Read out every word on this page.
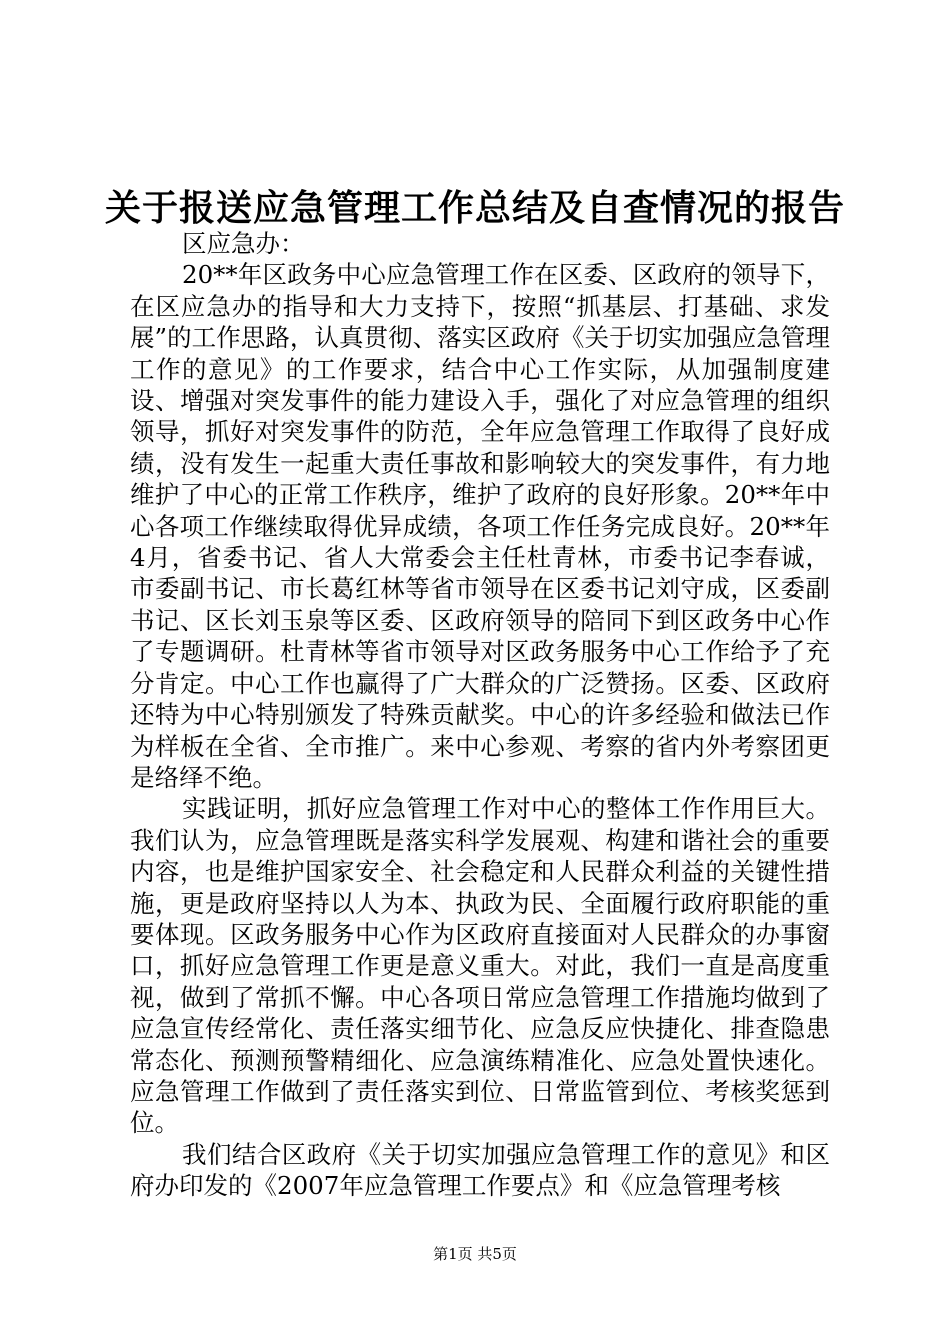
关于报送应急管理工作总结及自查情况的报告
区应急办：

20**年区政务中心应急管理工作在区委、区政府的领导下，在区应急办的指导和大力支持下，按照“抓基层、打基础、求发展”的工作思路，认真贯彻、落实区政府《关于切实加强应急管理工作的意见》的工作要求，结合中心工作实际，从加强制度建设、增强对突发事件的能力建设入手，强化了对应急管理的组织领导，抓好对突发事件的防范，全年应急管理工作取得了良好成绩，没有发生一起重大责任事故和影响较大的突发事件，有力地维护了中心的正常工作秩序，维护了政府的良好形象。20**年中心各项工作继续取得优异成绩，各项工作任务完成良好。20**年4月，省委书记、省人大常委会主任杜青林，市委书记李春诚，市委副书记、市长葛红林等省市领导在区委书记刘守成，区委副书记、区长刘玉泉等区委、区政府领导的陪同下到区政务中心作了专题调研。杜青林等省市领导对区政务服务中心工作给予了充分肯定。中心工作也赢得了广大群众的广泛赞扬。区委、区政府还特为中心特别颁发了特殊贡献奖。中心的许多经验和做法已作为样板在全省、全市推广。来中心参观、考察的省内外考察团更是络绎不绝。

实践证明，抓好应急管理工作对中心的整体工作作用巨大。我们认为，应急管理既是落实科学发展观、构建和谐社会的重要内容，也是维护国家安全、社会稳定和人民群众利益的关键性措施，更是政府坚持以人为本、执政为民、全面履行政府职能的重要体现。区政务服务中心作为区政府直接面对人民群众的办事窗口，抓好应急管理工作更是意义重大。对此，我们一直是高度重视，做到了常抓不懈。中心各项日常应急管理工作措施均做到了应急宣传经常化、责任落实细节化、应急反应快捷化、排查隐患常态化、预测预警精细化、应急演练精准化、应急处置快速化。应急管理工作做到了责任落实到位、日常监管到位、考核奖惩到位。

我们结合区政府《关于切实加强应急管理工作的意见》和区府办印发的《2007年应急管理工作要点》和《应急管理考核

第1页 共5页
